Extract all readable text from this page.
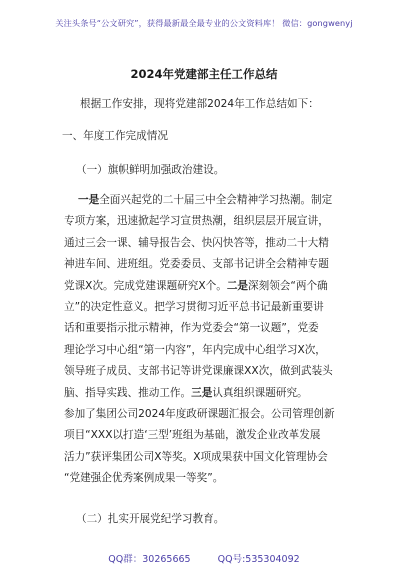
关注头条号“公文研究”，获得最新最全最专业的公文资料库！ 微信：gongwenyj
2024年党建部主任工作总结
根据工作安排，现将党建部2024年工作总结如下：
一、年度工作完成情况
（一）旗帜鲜明加强政治建设。
一是全面兴起党的二十届三中全会精神学习热潮。制定
专项方案，迅速掀起学习宣贯热潮，组织层层开展宣讲，
通过三会一课、辅导报告会、快闪快答等，推动二十大精
神进车间、进班组。党委委员、支部书记讲全会精神专题
党课X次。完成党建课题研究X个。二是深刻领会“两个确
立”的决定性意义。把学习贯彻习近平总书记最新重要讲
话和重要指示批示精神，作为党委会“第一议题”，党委
理论学习中心组“第一内容”，年内完成中心组学习X次，
领导班子成员、支部书记等讲党课廉课XX次，做到武装头
脑、指导实践、推动工作。三是认真组织课题研究。
参加了集团公司2024年度政研课题汇报会。公司管理创新
项目“XXX以打造‘三型’班组为基础，激发企业改革发展
活力”获评集团公司X等奖。X项成果获中国文化管理协会
“党建强企优秀案例成果一等奖”。
（二）扎实开展党纪学习教育。
QQ群：30265665	QQ号:535304092
